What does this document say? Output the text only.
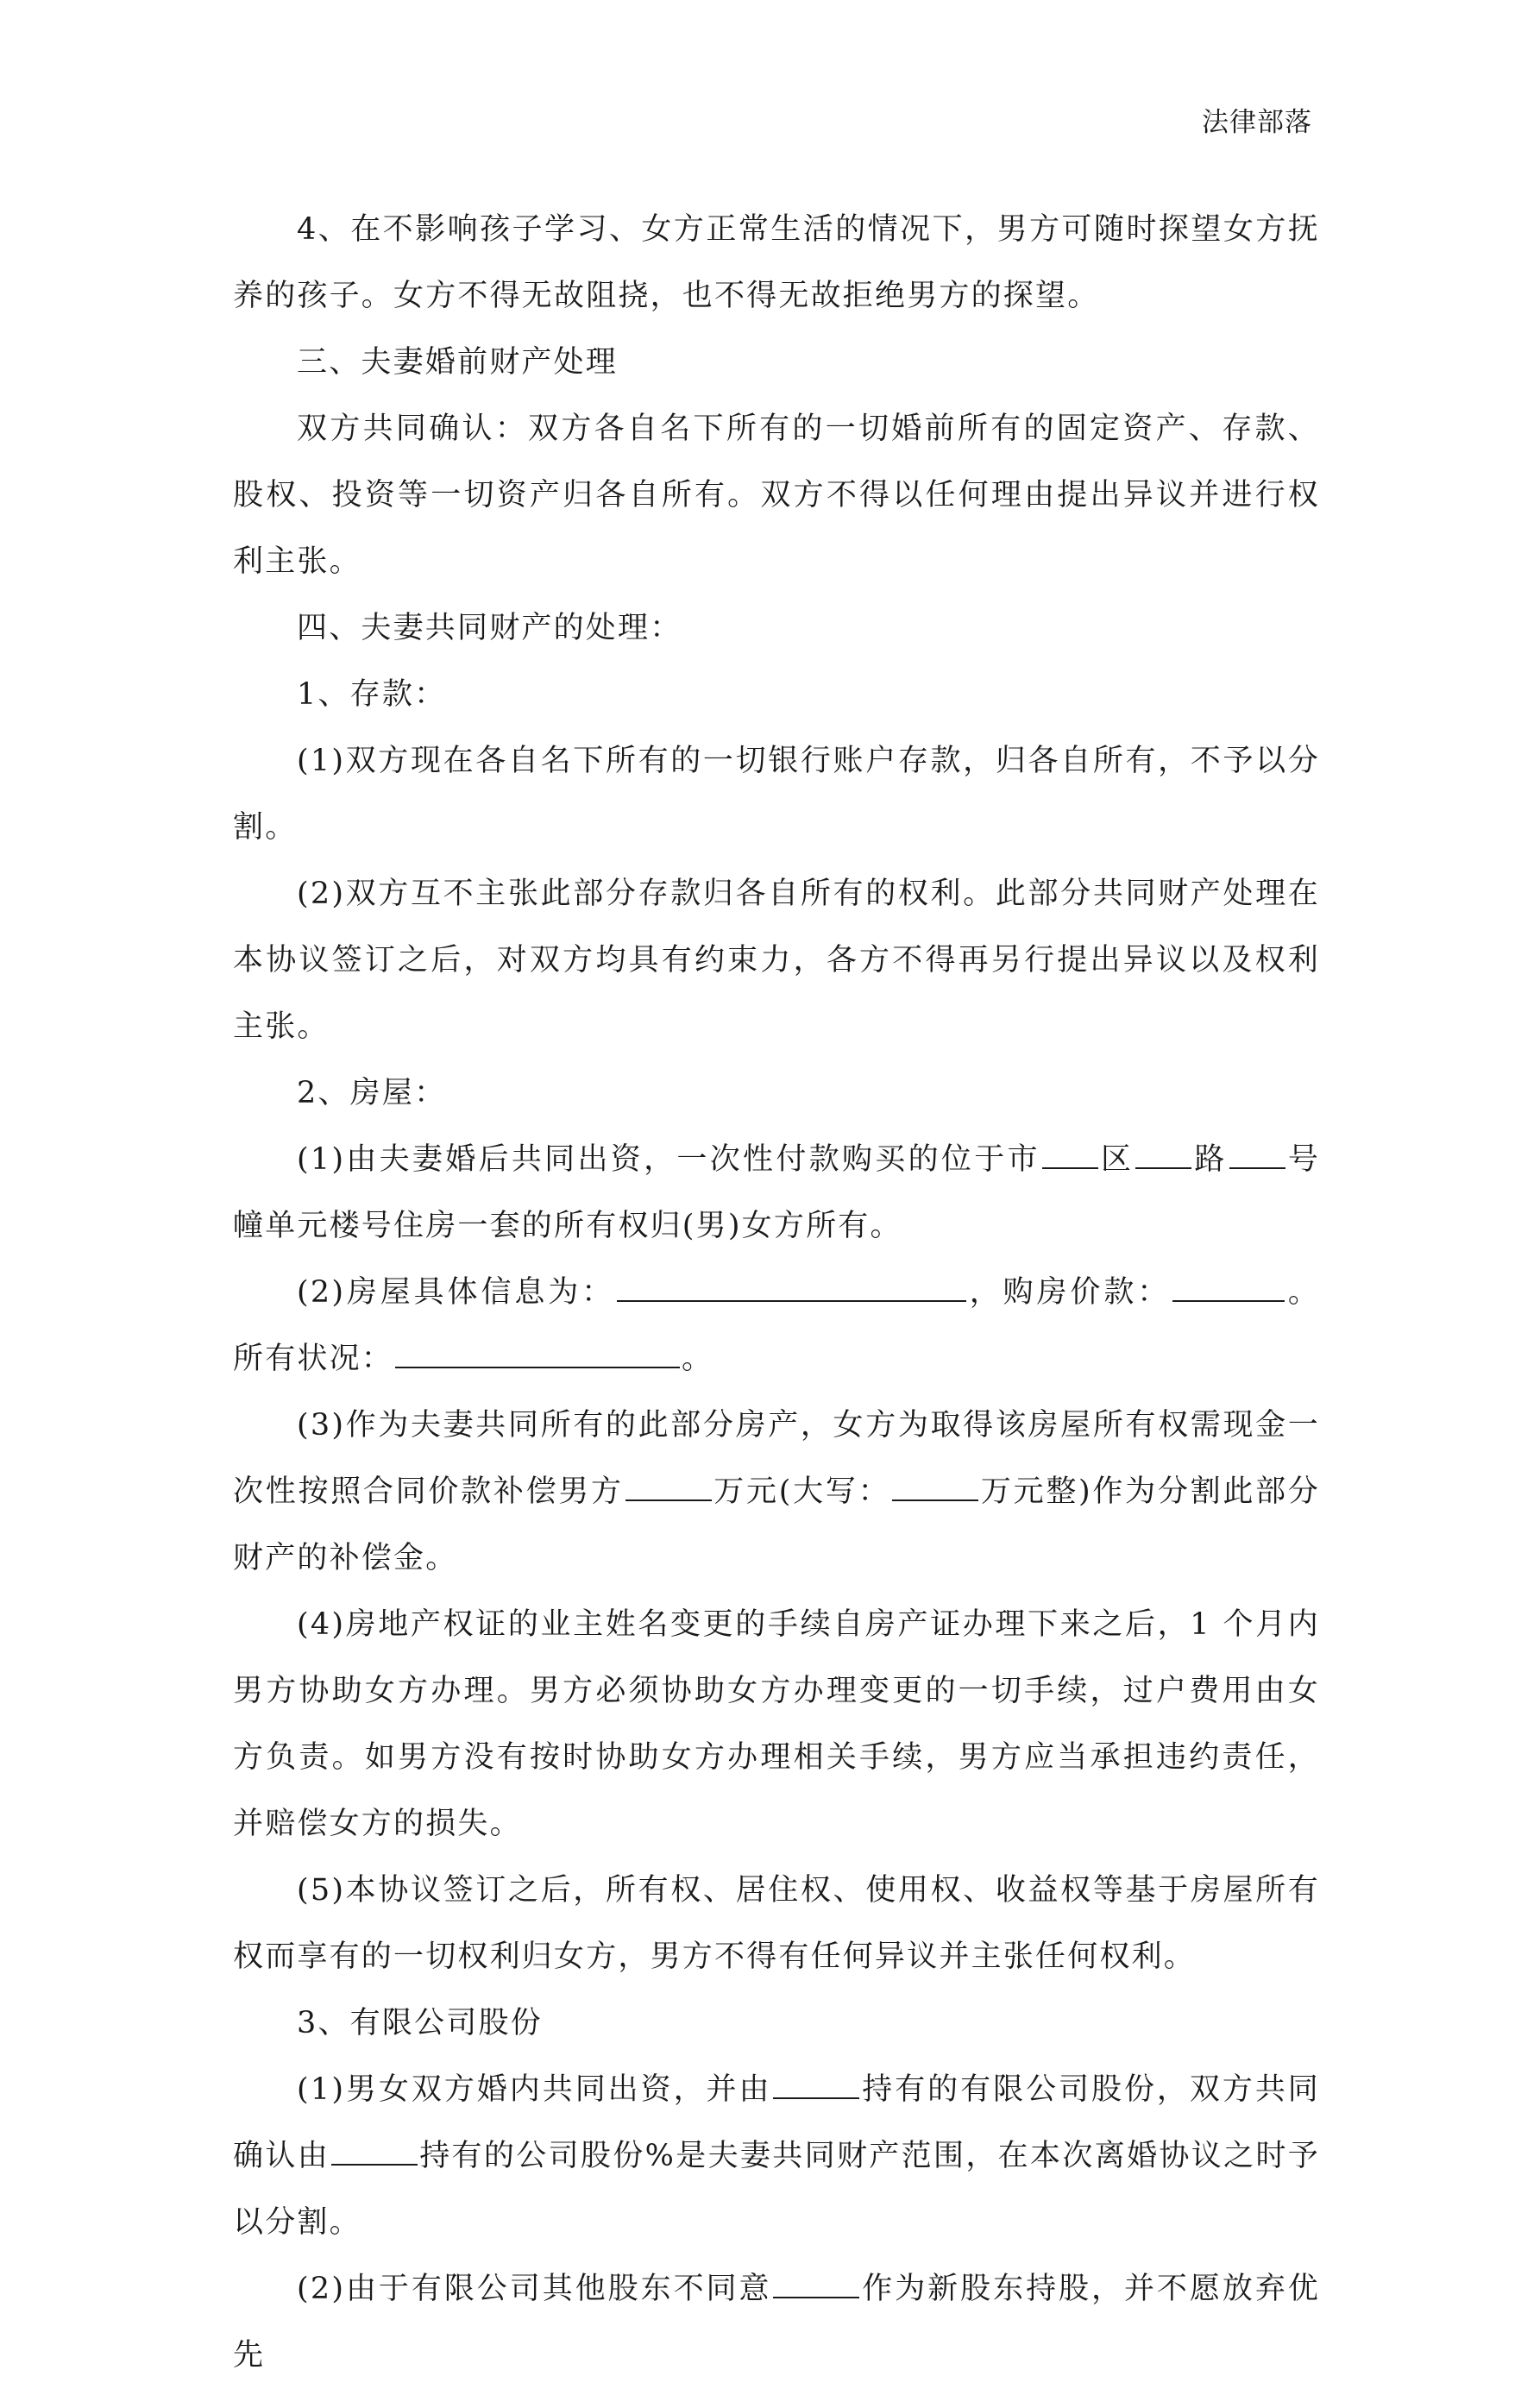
法律部落

4、在不影响孩子学习、女方正常生活的情况下，男方可随时探望女方抚养的孩子。女方不得无故阻挠，也不得无故拒绝男方的探望。

三、夫妻婚前财产处理

双方共同确认：双方各自名下所有的一切婚前所有的固定资产、存款、股权、投资等一切资产归各自所有。双方不得以任何理由提出异议并进行权利主张。

四、夫妻共同财产的处理：

1、存款：

(1)双方现在各自名下所有的一切银行账户存款，归各自所有，不予以分割。

(2)双方互不主张此部分存款归各自所有的权利。此部分共同财产处理在本协议签订之后，对双方均具有约束力，各方不得再另行提出异议以及权利主张。

2、房屋：

(1)由夫妻婚后共同出资，一次性付款购买的位于市 区 路 号幢单元楼号住房一套的所有权归(男)女方所有。

(2)房屋具体信息为：	，购房价款：	。所有状况：	。

(3)作为夫妻共同所有的此部分房产，女方为取得该房屋所有权需现金一次性按照合同价款补偿男方	万元(大写：	万元整)作为分割此部分财产的补偿金。

(4)房地产权证的业主姓名变更的手续自房产证办理下来之后，1 个月内男方协助女方办理。男方必须协助女方办理变更的一切手续，过户费用由女方负责。如男方没有按时协助女方办理相关手续，男方应当承担违约责任，并赔偿女方的损失。

(5)本协议签订之后，所有权、居住权、使用权、收益权等基于房屋所有权而享有的一切权利归女方，男方不得有任何异议并主张任何权利。

3、有限公司股份

(1)男女双方婚内共同出资，并由	持有的有限公司股份，双方共同确认由	持有的公司股份%是夫妻共同财产范围，在本次离婚协议之时予以分割。

(2)由于有限公司其他股东不同意	作为新股东持股，并不愿放弃优先
